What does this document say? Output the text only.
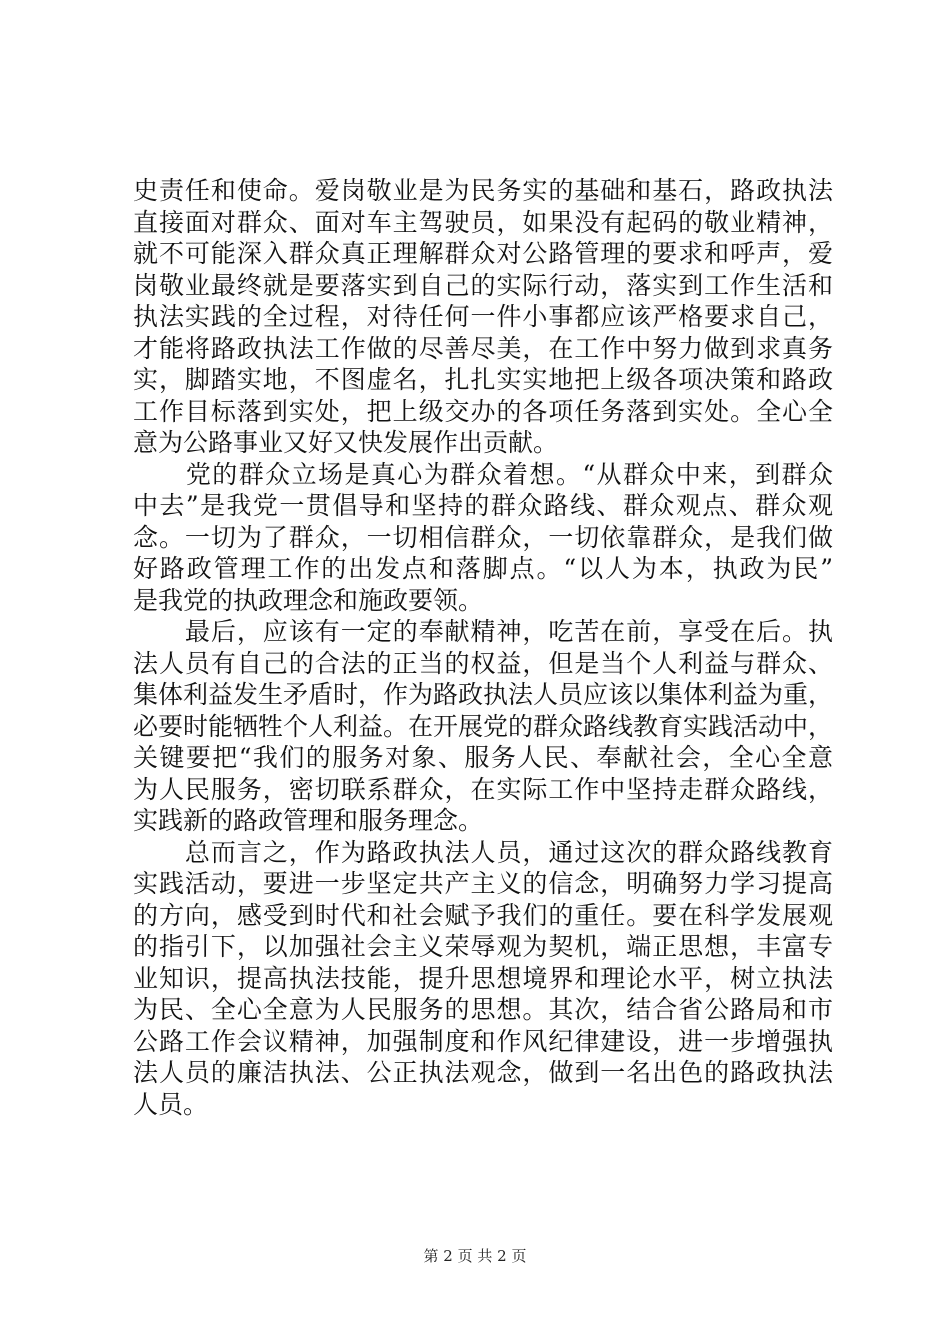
史责任和使命。爱岗敬业是为民务实的基础和基石，路政执法
直接面对群众、面对车主驾驶员，如果没有起码的敬业精神，
就不可能深入群众真正理解群众对公路管理的要求和呼声，爱
岗敬业最终就是要落实到自己的实际行动，落实到工作生活和
执法实践的全过程，对待任何一件小事都应该严格要求自己，
才能将路政执法工作做的尽善尽美，在工作中努力做到求真务
实，脚踏实地，不图虚名，扎扎实实地把上级各项决策和路政
工作目标落到实处，把上级交办的各项任务落到实处。全心全
意为公路事业又好又快发展作出贡献。
　　党的群众立场是真心为群众着想。“从群众中来，到群众
中去”是我党一贯倡导和坚持的群众路线、群众观点、群众观
念。一切为了群众，一切相信群众，一切依靠群众，是我们做
好路政管理工作的出发点和落脚点。“以人为本，执政为民”
是我党的执政理念和施政要领。
　　最后，应该有一定的奉献精神，吃苦在前，享受在后。执
法人员有自己的合法的正当的权益，但是当个人利益与群众、
集体利益发生矛盾时，作为路政执法人员应该以集体利益为重，
必要时能牺牲个人利益。在开展党的群众路线教育实践活动中，
关键要把“我们的服务对象、服务人民、奉献社会，全心全意
为人民服务，密切联系群众，在实际工作中坚持走群众路线，
实践新的路政管理和服务理念。
　　总而言之，作为路政执法人员，通过这次的群众路线教育
实践活动，要进一步坚定共产主义的信念，明确努力学习提高
的方向，感受到时代和社会赋予我们的重任。要在科学发展观
的指引下，以加强社会主义荣辱观为契机，端正思想，丰富专
业知识，提高执法技能，提升思想境界和理论水平，树立执法
为民、全心全意为人民服务的思想。其次，结合省公路局和市
公路工作会议精神，加强制度和作风纪律建设，进一步增强执
法人员的廉洁执法、公正执法观念，做到一名出色的路政执法
人员。
第 2 页 共 2 页
